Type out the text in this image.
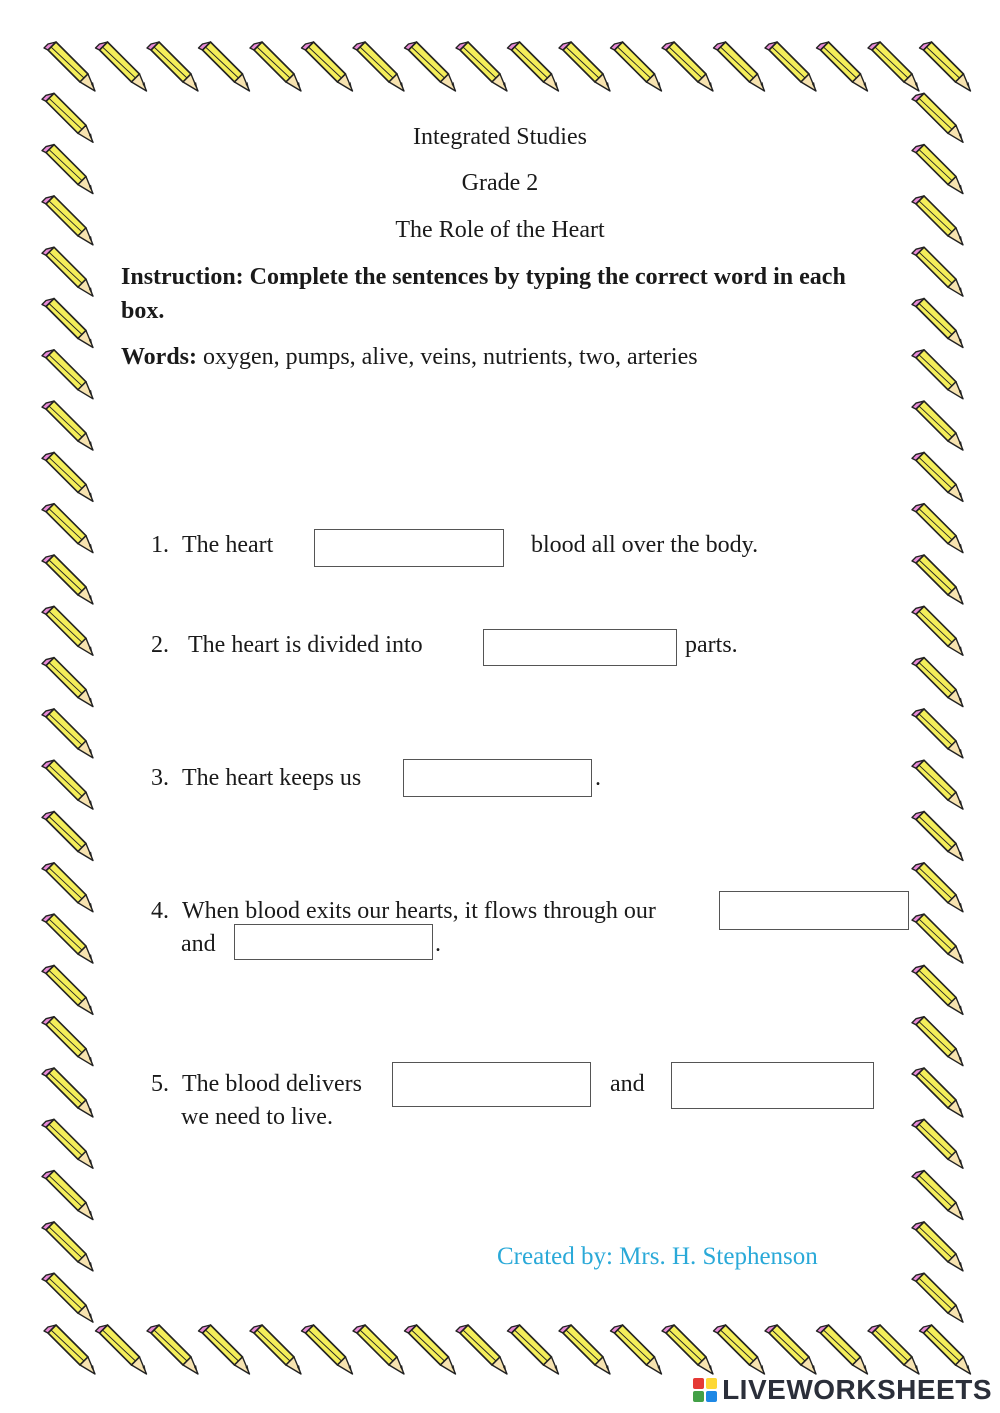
Integrated Studies
Grade 2
The Role of the Heart
Instruction: Complete the sentences by typing the correct word in each box.
Words: oxygen, pumps, alive, veins, nutrients, two, arteries
1. The heart	blood all over the body.
2. The heart is divided into	parts.
3. The heart keeps us	.
4. When blood exits our hearts, it flows through our
and	.
5. The blood delivers	and
we need to live.
Created by: Mrs. H. Stephenson
LIVEWORKSHEETS
